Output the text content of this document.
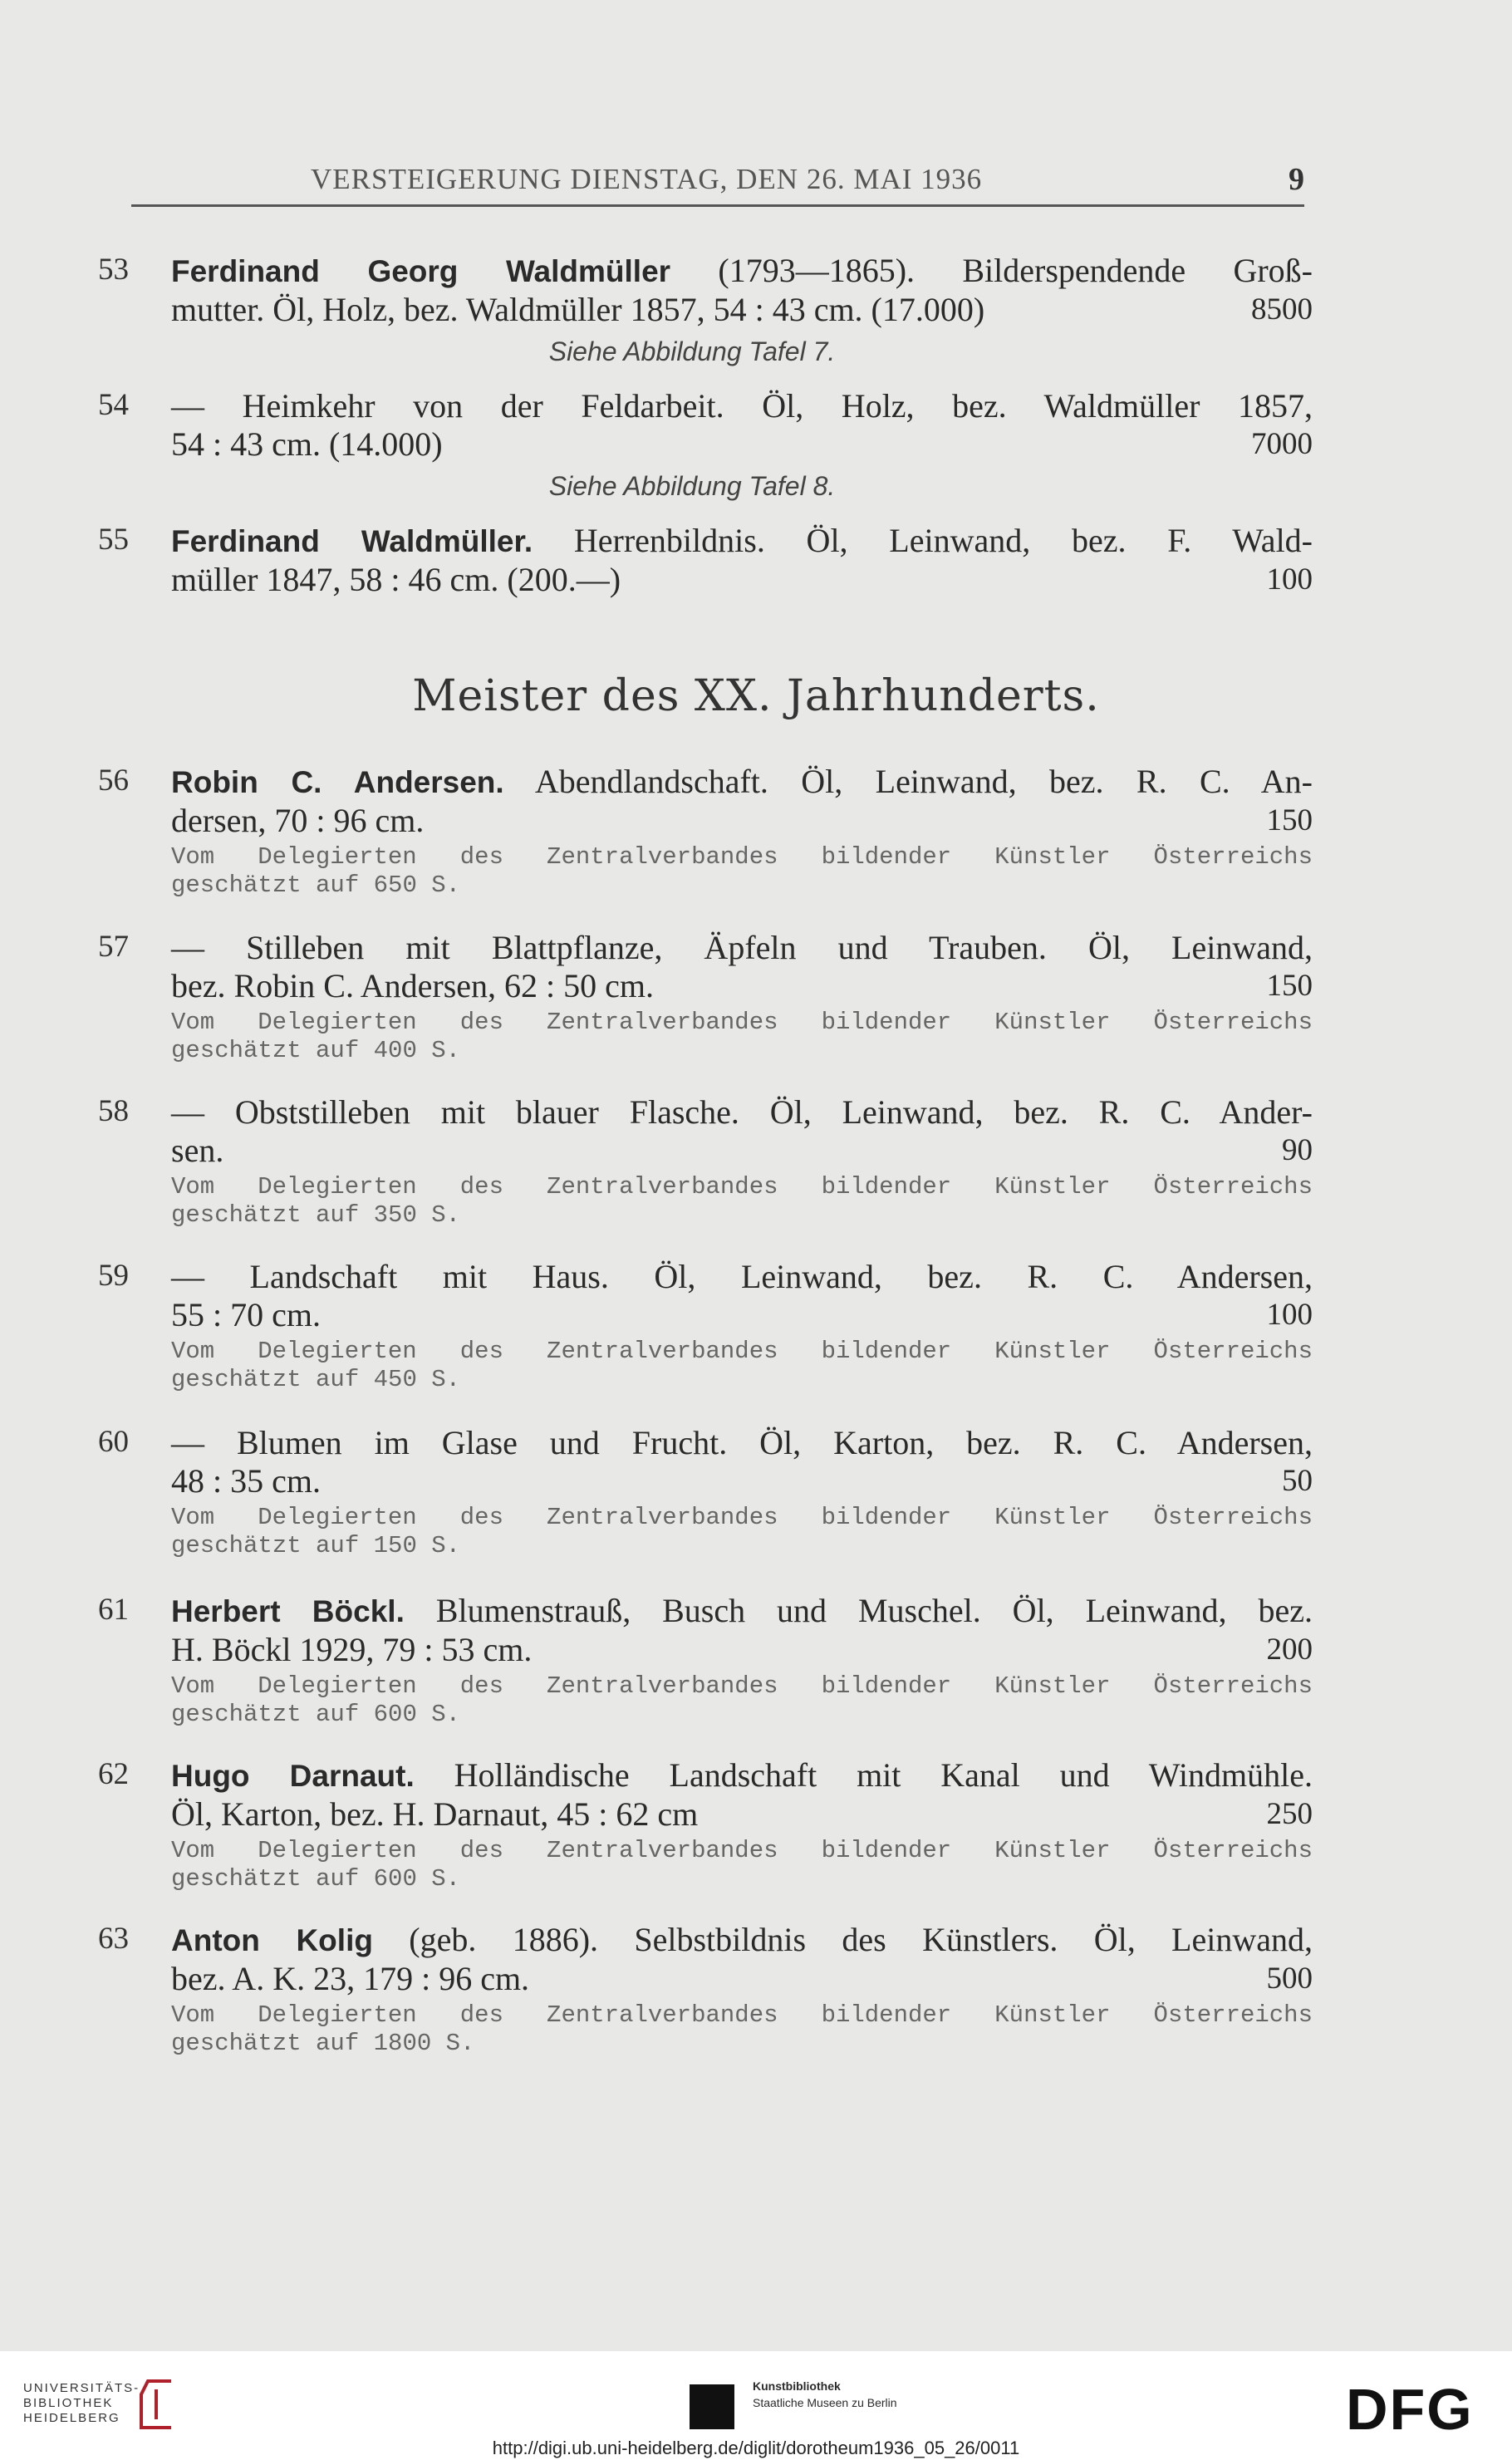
VERSTEIGERUNG DIENSTAG, DEN 26. MAI 1936	9
53	Ferdinand Georg Waldmüller (1793—1865). Bilderspendende Groß-
mutter. Öl, Holz, bez. Waldmüller 1857, 54 : 43 cm. (17.000)	8500
Siehe Abbildung Tafel 7.
54	— Heimkehr von der Feldarbeit. Öl, Holz, bez. Waldmüller 1857,
54 : 43 cm. (14.000)	7000
Siehe Abbildung Tafel 8.
55	Ferdinand Waldmüller. Herrenbildnis. Öl, Leinwand, bez. F. Wald-
müller 1847, 58 : 46 cm. (200.—)	100
Meister des XX. Jahrhunderts.
56	Robin C. Andersen. Abendlandschaft. Öl, Leinwand, bez. R. C. An-
dersen, 70 : 96 cm.	150
Vom Delegierten des Zentralverbandes bildender Künstler Österreichs
geschätzt auf 650 S.
57	— Stilleben mit Blattpflanze, Äpfeln und Trauben. Öl, Leinwand,
bez. Robin C. Andersen, 62 : 50 cm.	150
Vom Delegierten des Zentralverbandes bildender Künstler Österreichs
geschätzt auf 400 S.
58	— Obststilleben mit blauer Flasche. Öl, Leinwand, bez. R. C. Ander-
sen.	90
Vom Delegierten des Zentralverbandes bildender Künstler Österreichs
geschätzt auf 350 S.
59	— Landschaft mit Haus. Öl, Leinwand, bez. R. C. Andersen,
55 : 70 cm.	100
Vom Delegierten des Zentralverbandes bildender Künstler Österreichs
geschätzt auf 450 S.
60	— Blumen im Glase und Frucht. Öl, Karton, bez. R. C. Andersen,
48 : 35 cm.	50
Vom Delegierten des Zentralverbandes bildender Künstler Österreichs
geschätzt auf 150 S.
61	Herbert Böckl. Blumenstrauß, Busch und Muschel. Öl, Leinwand, bez.
H. Böckl 1929, 79 : 53 cm.	200
Vom Delegierten des Zentralverbandes bildender Künstler Österreichs
geschätzt auf 600 S.
62	Hugo Darnaut. Holländische Landschaft mit Kanal und Windmühle.
Öl, Karton, bez. H. Darnaut, 45 : 62 cm	250
Vom Delegierten des Zentralverbandes bildender Künstler Österreichs
geschätzt auf 600 S.
63	Anton Kolig (geb. 1886). Selbstbildnis des Künstlers. Öl, Leinwand,
bez. A. K. 23, 179 : 96 cm.	500
Vom Delegierten des Zentralverbandes bildender Künstler Österreichs
geschätzt auf 1800 S.
UNIVERSITÄTS-
BIBLIOTHEK
HEIDELBERG
Kunstbibliothek
Staatliche Museen zu Berlin	DFG
http://digi.ub.uni-heidelberg.de/diglit/dorotheum1936_05_26/0011
